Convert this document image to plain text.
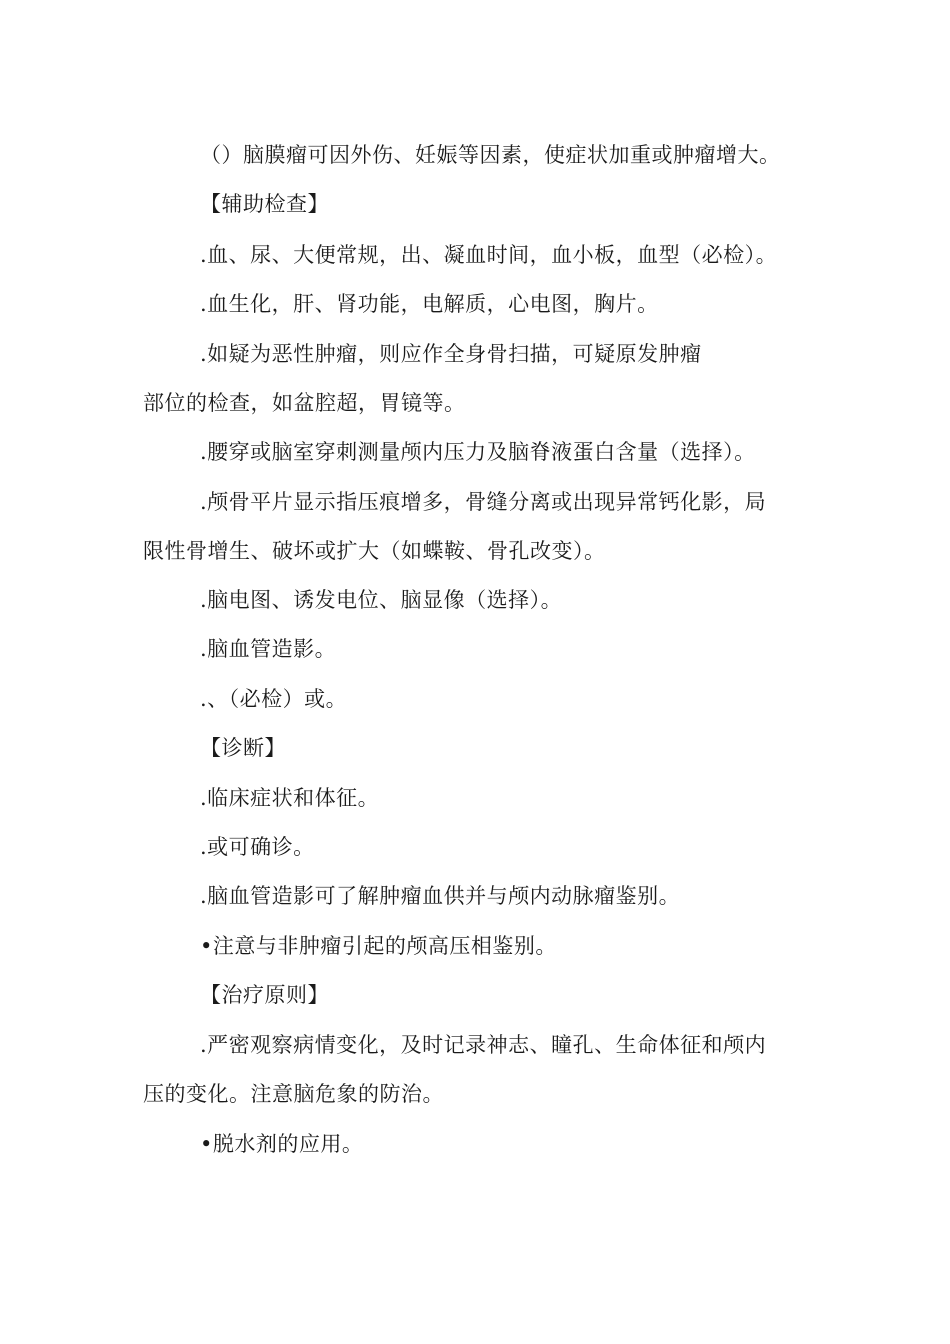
（）脑膜瘤可因外伤、妊娠等因素，使症状加重或肿瘤增大。
【辅助检查】
.血、尿、大便常规，出、凝血时间，血小板，血型（必检）。
.血生化，肝、肾功能，电解质，心电图，胸片。
.如疑为恶性肿瘤，则应作全身骨扫描，可疑原发肿瘤
部位的检查，如盆腔超，胃镜等。
.腰穿或脑室穿刺测量颅内压力及脑脊液蛋白含量（选择）。
.颅骨平片显示指压痕增多，骨缝分离或出现异常钙化影，局
限性骨增生、破坏或扩大（如蝶鞍、骨孔改变）。
.脑电图、诱发电位、脑显像（选择）。
.脑血管造影。
.、（必检）或。
【诊断】
.临床症状和体征。
.或可确诊。
.脑血管造影可了解肿瘤血供并与颅内动脉瘤鉴别。
•注意与非肿瘤引起的颅高压相鉴别。
【治疗原则】
.严密观察病情变化，及时记录神志、瞳孔、生命体征和颅内
压的变化。注意脑危象的防治。
•脱水剂的应用。
